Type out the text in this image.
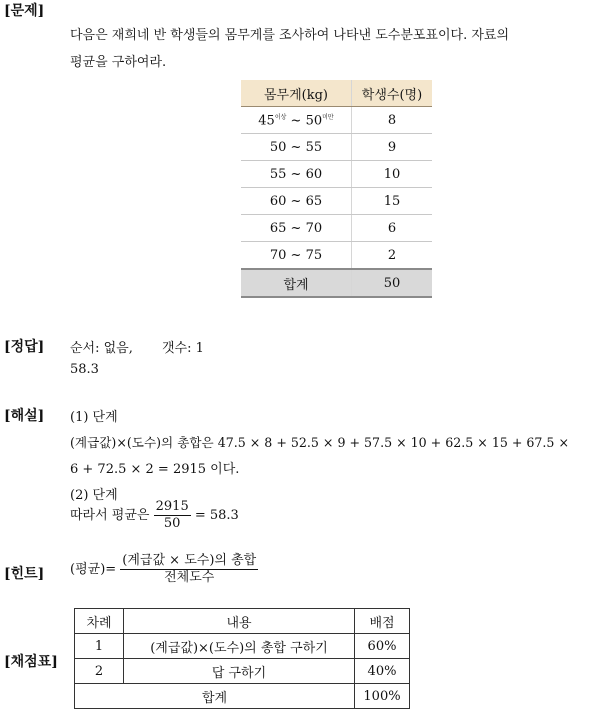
[문제]
다음은 재희네 반 학생들의 몸무게를 조사하여 나타낸 도수분포표이다. 자료의
평균을 구하여라.
몸무게(kg)	학생수(명)
$45^{이상}$ ~ $50^{미만}$	8
50 ~ 55	9
55 ~ 60	10
60 ~ 65	15
65 ~ 70	6
70 ~ 75	2
합계	50
[정답] 순서: 없음, 갯수: 1
58.3
[해설] (1) 단계
(계급값)×(도수)의 총합은 47.5 × 8 + 52.5 × 9 + 57.5 × 10 + 62.5 × 15 + 67.5 ×
6 + 72.5 × 2 = 2915 이다.
(2) 단계
따라서 평균은 $\frac{2915}{50} = 58.3$
[힌트] (평균)= $\frac{\text{(계급값 × 도수)의 총합}}{\text{전체도수}}$
[채점표]
차례	내용	배점
1	(계급값)×(도수)의 총합 구하기	60%
2	답 구하기	40%
합계		100%
